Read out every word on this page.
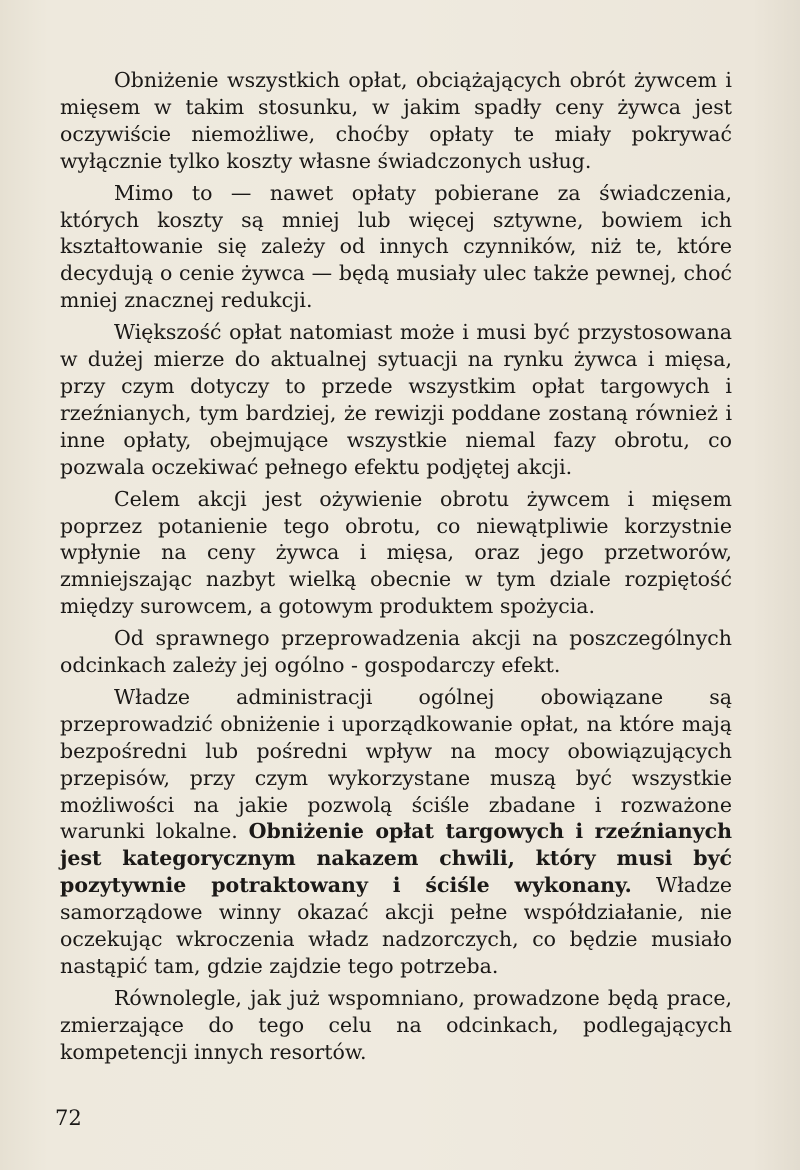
Obniżenie wszystkich opłat, obciążających obrót żywcem i mięsem w takim stosunku, w jakim spadły ceny żywca jest oczywiście niemożliwe, choćby opłaty te miały pokrywać wyłącznie tylko koszty własne świadczonych usług.

Mimo to — nawet opłaty pobierane za świadczenia, których koszty są mniej lub więcej sztywne, bowiem ich kształtowanie się zależy od innych czynników, niż te, które decydują o cenie żywca — będą musiały ulec także pewnej, choć mniej znacznej redukcji.

Większość opłat natomiast może i musi być przystosowana w dużej mierze do aktualnej sytuacji na rynku żywca i mięsa, przy czym dotyczy to przede wszystkim opłat targowych i rzeźnianych, tym bardziej, że rewizji poddane zostaną również i inne opłaty, obejmujące wszystkie niemal fazy obrotu, co pozwala oczekiwać pełnego efektu podjętej akcji.

Celem akcji jest ożywienie obrotu żywcem i mięsem poprzez potanienie tego obrotu, co niewątpliwie korzystnie wpłynie na ceny żywca i mięsa, oraz jego przetworów, zmniejszając nazbyt wielką obecnie w tym dziale rozpiętość między surowcem, a gotowym produktem spożycia.

Od sprawnego przeprowadzenia akcji na poszczególnych odcinkach zależy jej ogólno - gospodarczy efekt.

Władze administracji ogólnej obowiązane są przeprowadzić obniżenie i uporządkowanie opłat, na które mają bezpośredni lub pośredni wpływ na mocy obowiązujących przepisów, przy czym wykorzystane muszą być wszystkie możliwości na jakie pozwolą ściśle zbadane i rozważone warunki lokalne. Obniżenie opłat targowych i rzeźnianych jest kategorycznym nakazem chwili, który musi być pozytywnie potraktowany i ściśle wykonany. Władze samorządowe winny okazać akcji pełne współdziałanie, nie oczekując wkroczenia władz nadzorczych, co będzie musiało nastąpić tam, gdzie zajdzie tego potrzeba.

Równolegle, jak już wspomniano, prowadzone będą prace, zmierzające do tego celu na odcinkach, podlegających kompetencji innych resortów.

72
